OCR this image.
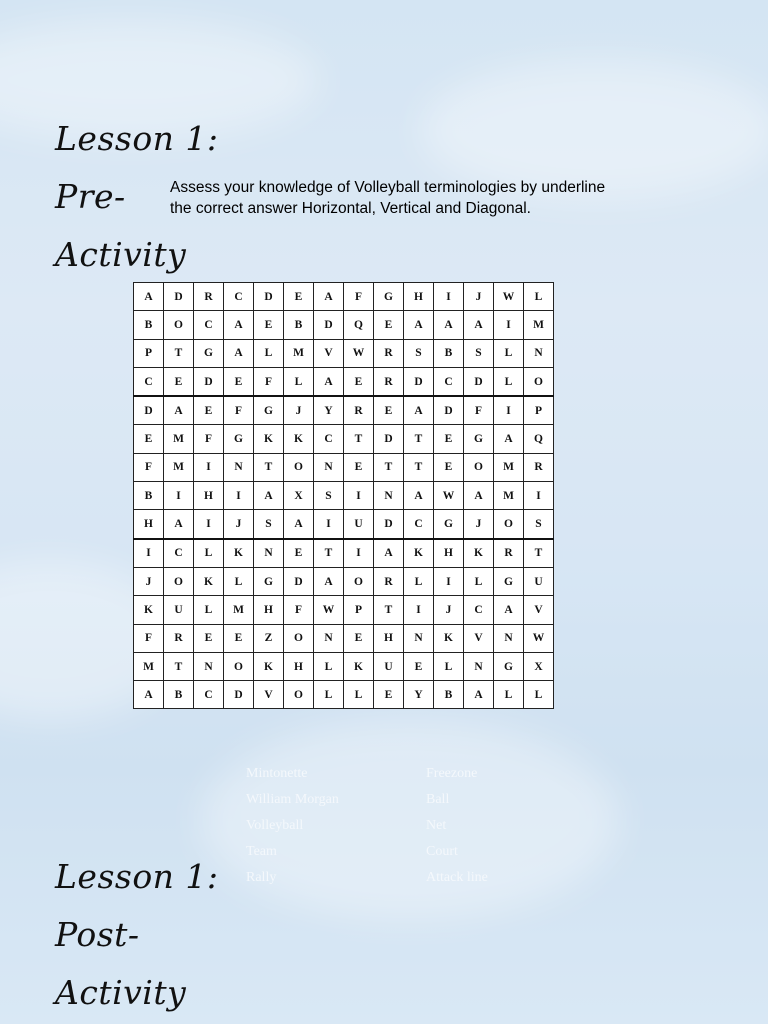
Lesson 1:
Pre-
Activity
Assess your knowledge of Volleyball terminologies by underline the correct answer Horizontal, Vertical and Diagonal.
A	D	R	C	D	E	A	F	G	H	I	J	W	L
B	O	C	A	E	B	D	Q	E	A	A	A	I	M
P	T	G	A	L	M	V	W	R	S	B	S	L	N
C	E	D	E	F	L	A	E	R	D	C	D	L	O
D	A	E	F	G	J	Y	R	E	A	D	F	I	P
E	M	F	G	K	K	C	T	D	T	E	G	A	Q
F	M	I	N	T	O	N	E	T	T	E	O	M	R
B	I	H	I	A	X	S	I	N	A	W	A	M	I
H	A	I	J	S	A	I	U	D	C	G	J	O	S
I	C	L	K	N	E	T	I	A	K	H	K	R	T
J	O	K	L	G	D	A	O	R	L	I	L	G	U
K	U	L	M	H	F	W	P	T	I	J	C	A	V
F	R	E	E	Z	O	N	E	H	N	K	V	N	W
M	T	N	O	K	H	L	K	U	E	L	N	G	X
A	B	C	D	V	O	L	L	E	Y	B	A	L	L
Mintonette	Freezone
William Morgan	Ball
Volleyball	Net
Team	Court
Rally	Attack line
Lesson 1:
Post-
Activity
